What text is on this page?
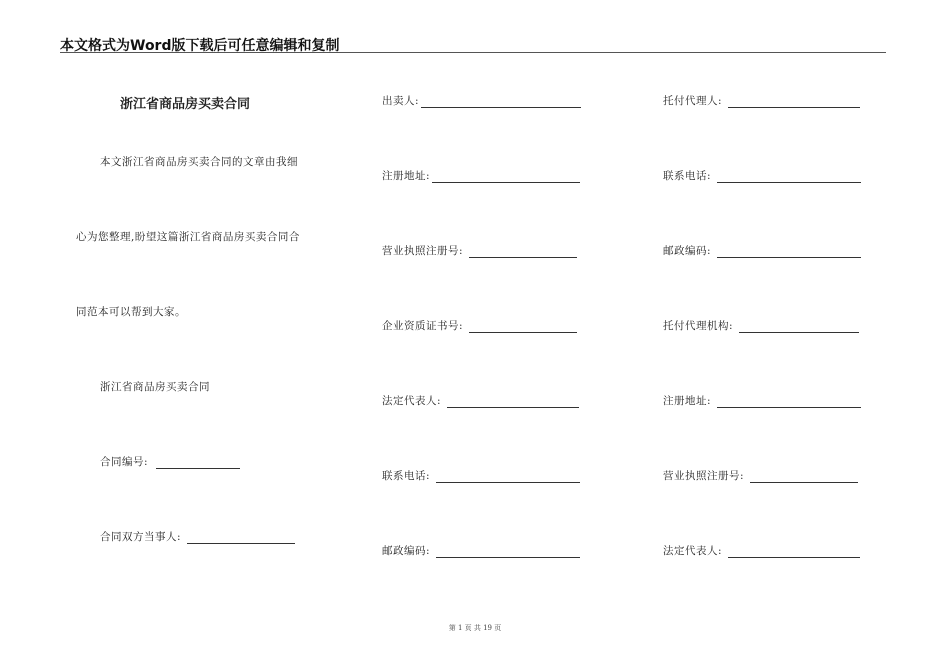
本文格式为Word版下载后可任意编辑和复制
浙江省商品房买卖合同
本文浙江省商品房买卖合同的文章由我细
心为您整理,盼望这篇浙江省商品房买卖合同合
同范本可以帮到大家。
浙江省商品房买卖合同
合同编号:
合同双方当事人:
出卖人:
注册地址:
营业执照注册号:
企业资质证书号:
法定代表人:
联系电话:
邮政编码:
托付代理人:
联系电话:
邮政编码:
托付代理机构:
注册地址:
营业执照注册号:
法定代表人:
第 1 页 共 19 页
